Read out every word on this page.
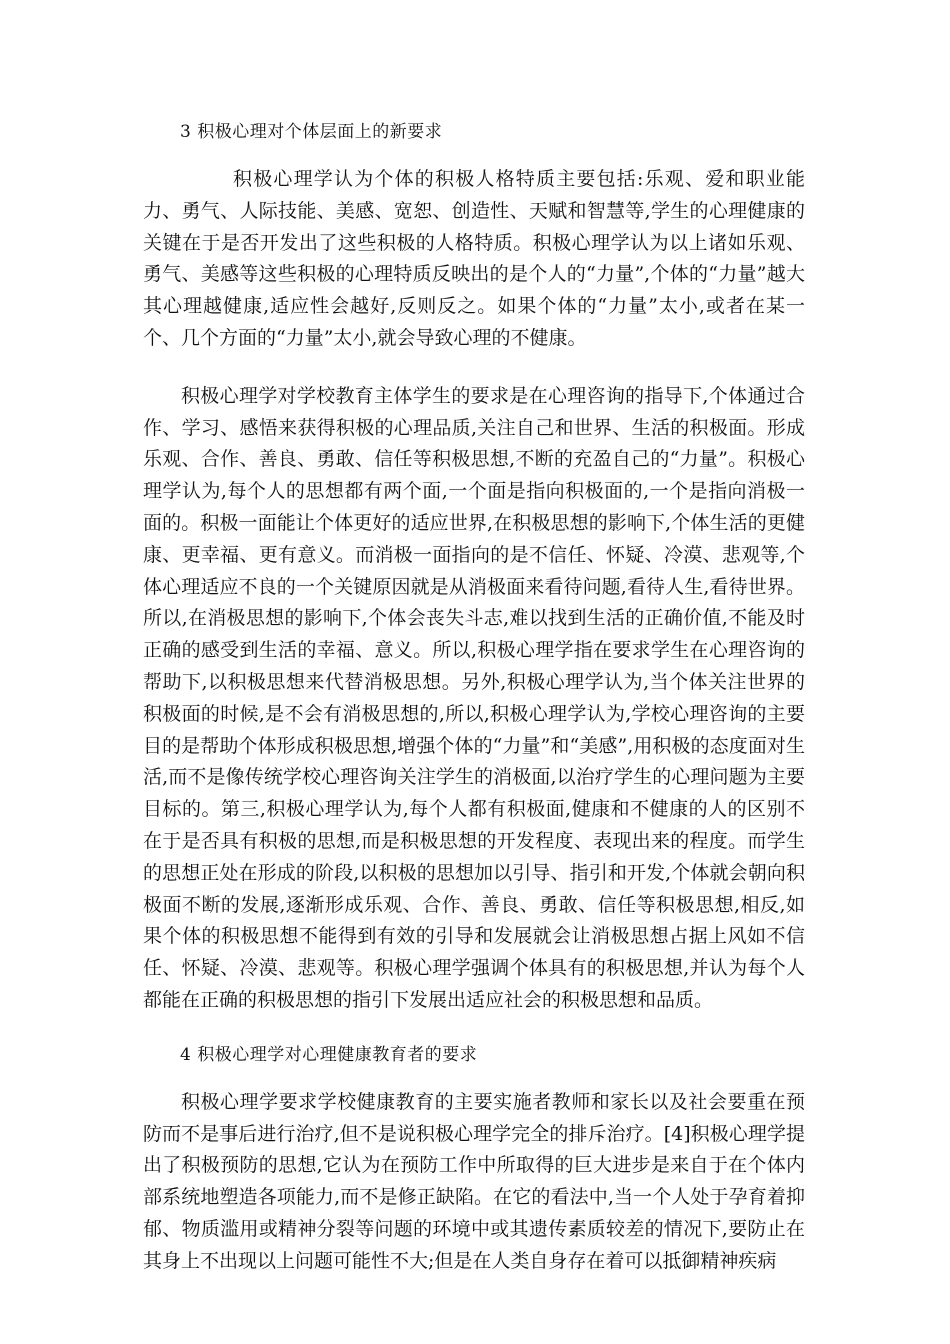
3 积极心理对个体层面上的新要求

积极心理学认为个体的积极人格特质主要包括:乐观、爱和职业能力、勇气、人际技能、美感、宽恕、创造性、天赋和智慧等,学生的心理健康的关键在于是否开发出了这些积极的人格特质。积极心理学认为以上诸如乐观、勇气、美感等这些积极的心理特质反映出的是个人的“力量”,个体的“力量”越大其心理越健康,适应性会越好,反则反之。如果个体的“力量”太小,或者在某一个、几个方面的“力量”太小,就会导致心理的不健康。

积极心理学对学校教育主体学生的要求是在心理咨询的指导下,个体通过合作、学习、感悟来获得积极的心理品质,关注自己和世界、生活的积极面。形成乐观、合作、善良、勇敢、信任等积极思想,不断的充盈自己的“力量”。积极心理学认为,每个人的思想都有两个面,一个面是指向积极面的,一个是指向消极一面的。积极一面能让个体更好的适应世界,在积极思想的影响下,个体生活的更健康、更幸福、更有意义。而消极一面指向的是不信任、怀疑、冷漠、悲观等,个体心理适应不良的一个关键原因就是从消极面来看待问题,看待人生,看待世界。所以,在消极思想的影响下,个体会丧失斗志,难以找到生活的正确价值,不能及时正确的感受到生活的幸福、意义。所以,积极心理学指在要求学生在心理咨询的帮助下,以积极思想来代替消极思想。另外,积极心理学认为,当个体关注世界的积极面的时候,是不会有消极思想的,所以,积极心理学认为,学校心理咨询的主要目的是帮助个体形成积极思想,增强个体的“力量”和“美感”,用积极的态度面对生活,而不是像传统学校心理咨询关注学生的消极面,以治疗学生的心理问题为主要目标的。第三,积极心理学认为,每个人都有积极面,健康和不健康的人的区别不在于是否具有积极的思想,而是积极思想的开发程度、表现出来的程度。而学生的思想正处在形成的阶段,以积极的思想加以引导、指引和开发,个体就会朝向积极面不断的发展,逐渐形成乐观、合作、善良、勇敢、信任等积极思想,相反,如果个体的积极思想不能得到有效的引导和发展就会让消极思想占据上风如不信任、怀疑、冷漠、悲观等。积极心理学强调个体具有的积极思想,并认为每个人都能在正确的积极思想的指引下发展出适应社会的积极思想和品质。

4 积极心理学对心理健康教育者的要求

积极心理学要求学校健康教育的主要实施者教师和家长以及社会要重在预防而不是事后进行治疗,但不是说积极心理学完全的排斥治疗。[4]积极心理学提出了积极预防的思想,它认为在预防工作中所取得的巨大进步是来自于在个体内部系统地塑造各项能力,而不是修正缺陷。在它的看法中,当一个人处于孕育着抑郁、物质滥用或精神分裂等问题的环境中或其遗传素质较差的情况下,要防止在其身上不出现以上问题可能性不大;但是在人类自身存在着可以抵御精神疾病
